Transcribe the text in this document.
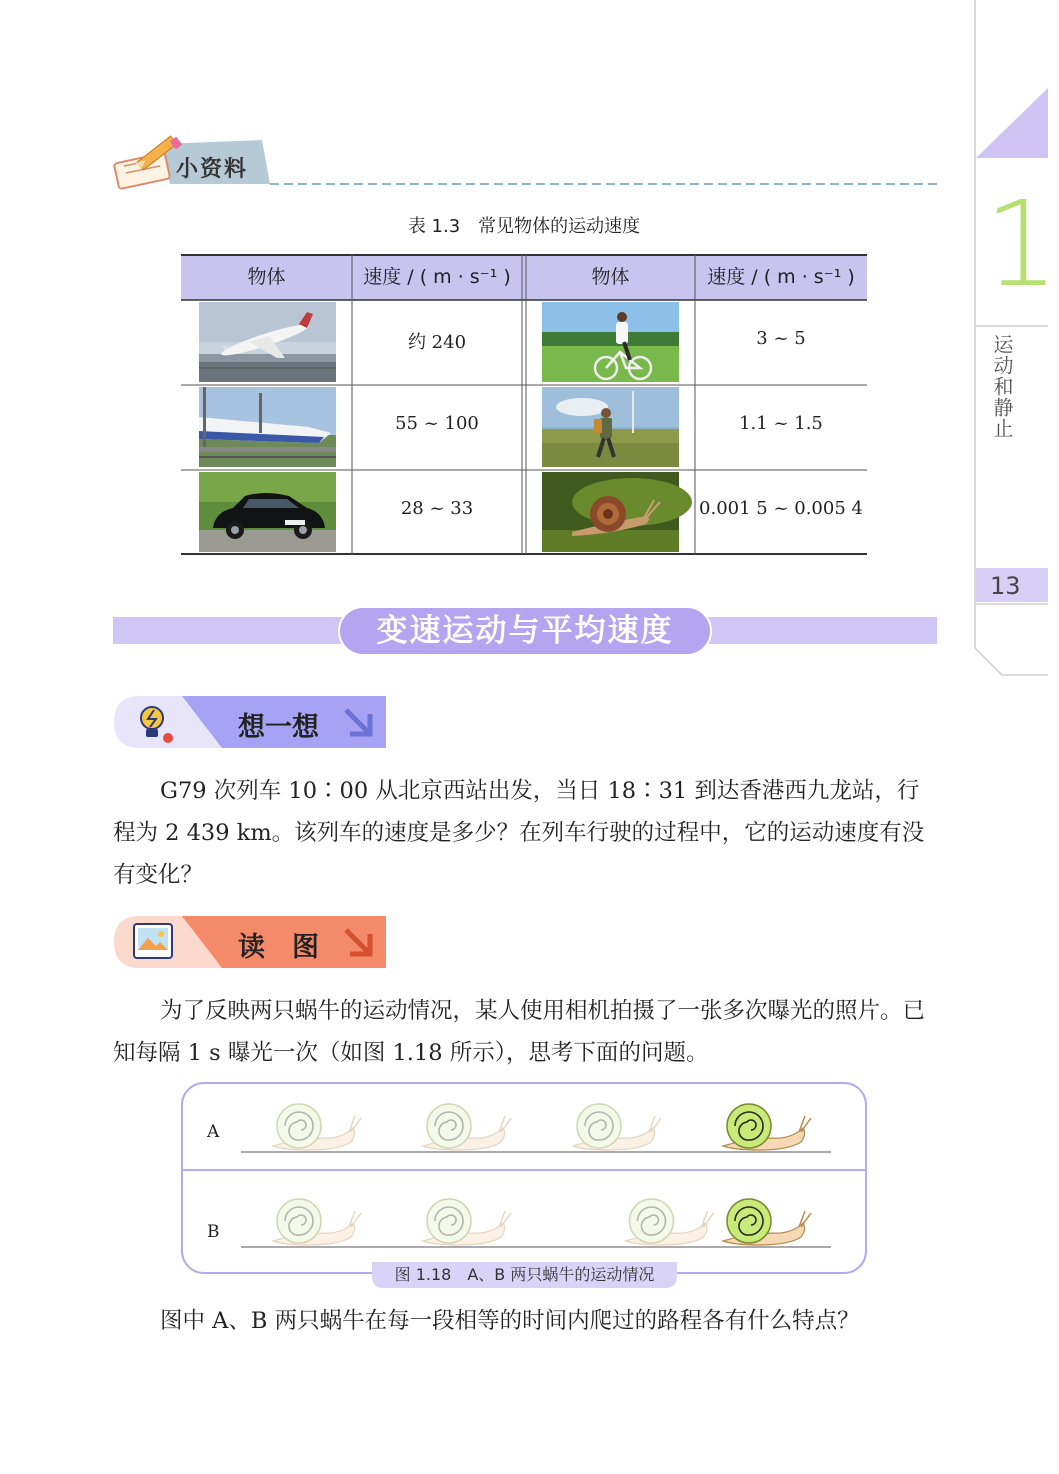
1
运动和静止
13
小资料
表 1.3　常见物体的运动速度
物体	速度 / ( m · s⁻¹ )	物体	速度 / ( m · s⁻¹ )
约 240	3 ~ 5
55 ~ 100	1.1 ~ 1.5
28 ~ 33	0.001 5 ~ 0.005 4
变速运动与平均速度
想一想

G79 次列车 10∶00 从北京西站出发，当日 18∶31 到达香港西九龙站，行程为 2 439 km。该列车的速度是多少？在列车行驶的过程中，它的运动速度有没有变化？

读　图

为了反映两只蜗牛的运动情况，某人使用相机拍摄了一张多次曝光的照片。已知每隔 1 s 曝光一次（如图 1.18 所示），思考下面的问题。

A
B
图 1.18　A、B 两只蜗牛的运动情况

图中 A、B 两只蜗牛在每一段相等的时间内爬过的路程各有什么特点？
